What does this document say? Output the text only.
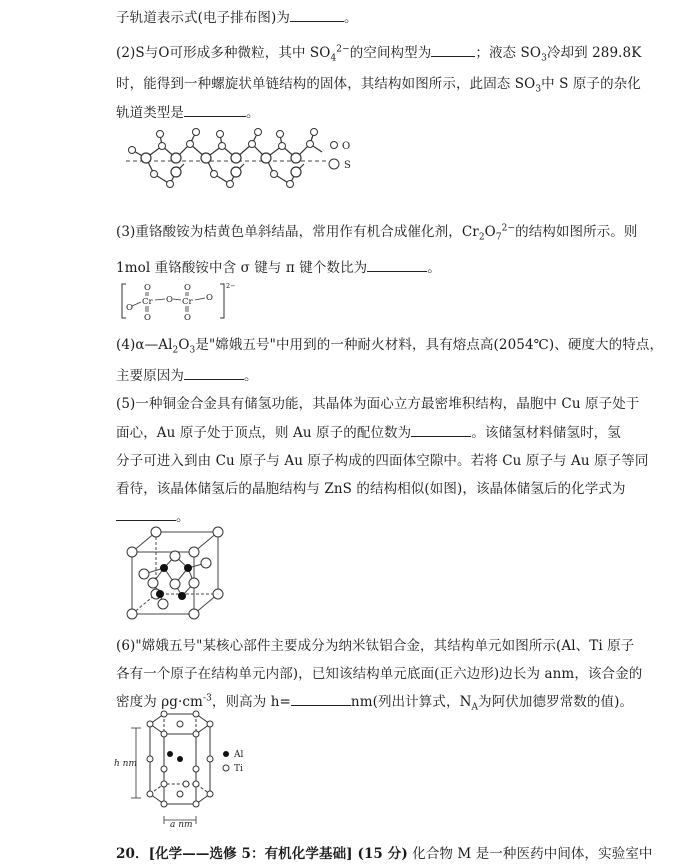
子轨道表示式(电子排布图)为	。
(2)S与O可形成多种微粒，其中 $SO_4^{2-}$的空间构型为	；液态 $SO_3$冷却到 289.8K
时，能得到一种螺旋状单链结构的固体，其结构如图所示，此固态 $SO_3$中 S 原子的杂化
轨道类型是	。
O
S
(3)重铬酸铵为桔黄色单斜结晶，常用作有机合成催化剂，$Cr_2O_7^{2-}$的结构如图所示。则
1mol 重铬酸铵中含 σ 键与 π 键个数比为	。
O
Cr
O
O
O Cr
O
O
O
2−
$(4)\alpha—Al_2O_3$是"嫦娥五号"中用到的一种耐火材料，具有熔点高(2054℃)、硬度大的特点，
主要原因为	。
(5)一种铜金合金具有储氢功能，其晶体为面心立方最密堆积结构，晶胞中 Cu 原子处于
面心，Au 原子处于顶点，则 Au 原子的配位数为	。该储氢材料储氢时，氢
分子可进入到由 Cu 原子与 Au 原子构成的四面体空隙中。若将 Cu 原子与 Au 原子等同
看待，该晶体储氢后的晶胞结构与 ZnS 的结构相似(如图)，该晶体储氢后的化学式为
。
(6)"嫦娥五号"某核心部件主要成分为纳米钛铝合金，其结构单元如图所示(Al、Ti 原子
各有一个原子在结构单元内部)，已知该结构单元底面(正六边形)边长为 anm，该合金的
密度为 $\rho g\cdot cm^{-3}$，则高为 h=	nm(列出计算式，$N_A$为阿伏加德罗常数的值)。
h nm
a nm
Al
Ti
20．[化学——选修 5：有机化学基础] (15 分) 化合物 M 是一种医药中间体，实验室中
